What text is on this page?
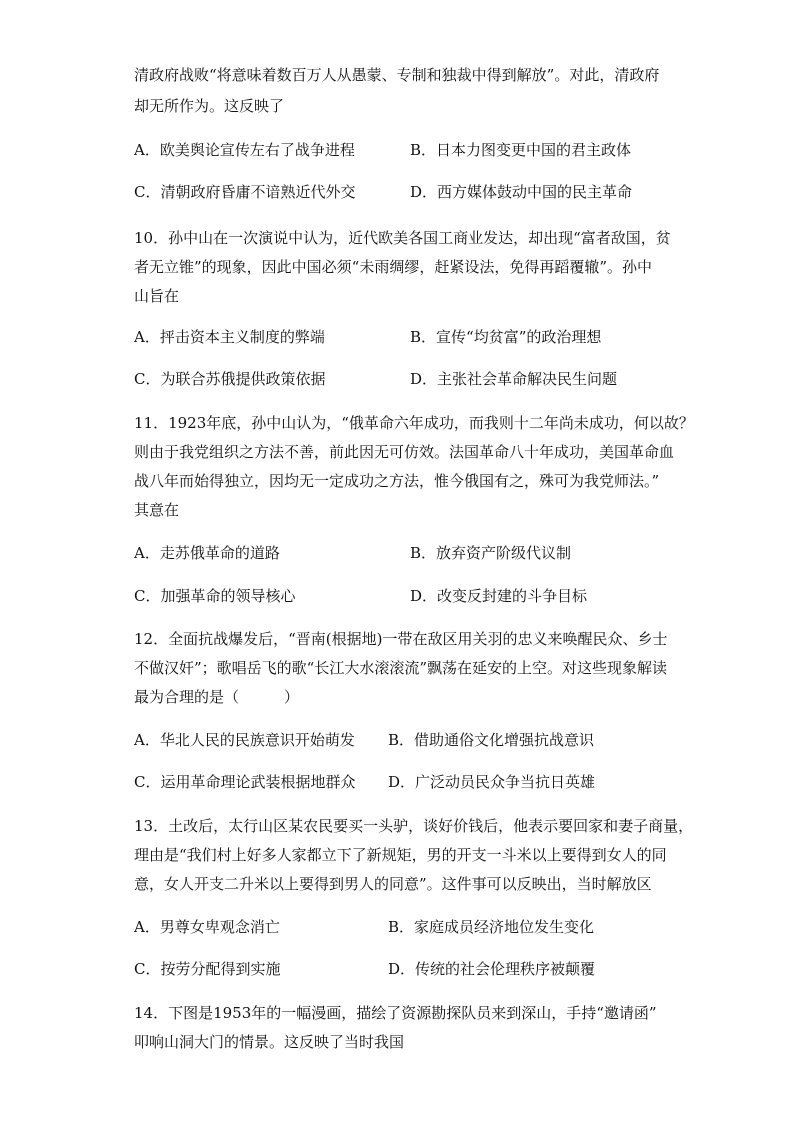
清政府战败“将意味着数百万人从愚蒙、专制和独裁中得到解放”。对此，清政府
却无所作为。这反映了
A．欧美舆论宣传左右了战争进程	B．日本力图变更中国的君主政体
C．清朝政府昏庸不谙熟近代外交	D．西方媒体鼓动中国的民主革命
10．孙中山在一次演说中认为，近代欧美各国工商业发达，却出现“富者敌国，贫
者无立锥”的现象，因此中国必须“未雨绸缪，赶紧设法，免得再蹈覆辙”。孙中
山旨在
A．抨击资本主义制度的弊端	B．宣传“均贫富”的政治理想
C．为联合苏俄提供政策依据	D．主张社会革命解决民生问题
11．1923年底，孙中山认为，“俄革命六年成功，而我则十二年尚未成功，何以故？
则由于我党组织之方法不善，前此因无可仿效。法国革命八十年成功，美国革命血
战八年而始得独立，因均无一定成功之方法，惟今俄国有之，殊可为我党师法。”
其意在
A．走苏俄革命的道路	B．放弃资产阶级代议制
C．加强革命的领导核心	D．改变反封建的斗争目标
12．全面抗战爆发后，“晋南(根据地)一带在敌区用关羽的忠义来唤醒民众、乡士
不做汉奸”；歌唱岳飞的歌“长江大水滚滚流”飘荡在延安的上空。对这些现象解读
最为合理的是（　　　）
A．华北人民的民族意识开始萌发 B．借助通俗文化增强抗战意识
C．运用革命理论武装根据地群众 D．广泛动员民众争当抗日英雄
13．土改后，太行山区某农民要买一头驴，谈好价钱后，他表示要回家和妻子商量，
理由是“我们村上好多人家都立下了新规矩，男的开支一斗米以上要得到女人的同
意，女人开支二升米以上要得到男人的同意”。这件事可以反映出，当时解放区
A．男尊女卑观念消亡	B．家庭成员经济地位发生变化
C．按劳分配得到实施	D．传统的社会伦理秩序被颠覆
14．下图是1953年的一幅漫画，描绘了资源勘探队员来到深山，手持“邀请函”
叩响山洞大门的情景。这反映了当时我国
